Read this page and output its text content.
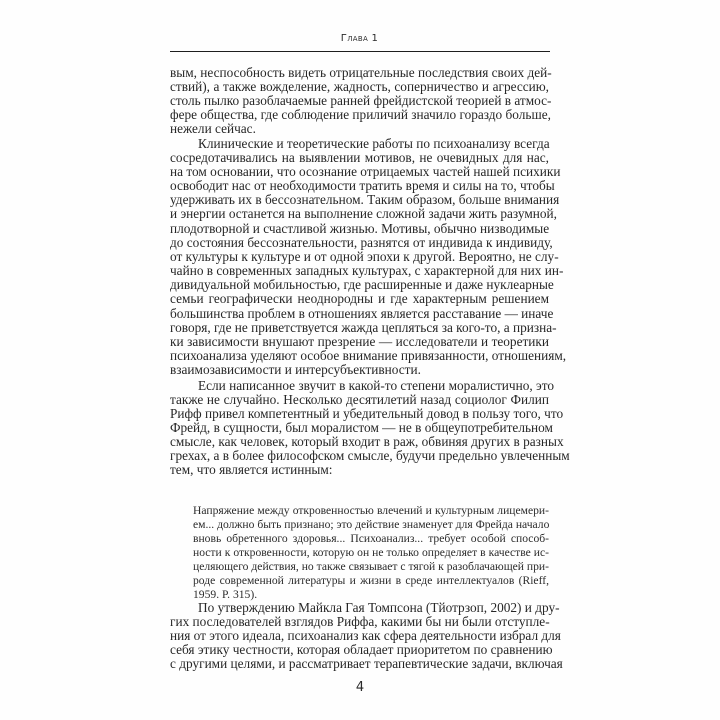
Глава 1
вым, неспособность видеть отрицательные последствия своих дей-
ствий), а также вожделение, жадность, соперничество и агрессию,
столь пылко разоблачаемые ранней фрейдистской теорией в атмос-
фере общества, где соблюдение приличий значило гораздо больше,
нежели сейчас.
Клинические и теоретические работы по психоанализу всегда
сосредотачивались на выявлении мотивов, не очевидных для нас,
на том основании, что осознание отрицаемых частей нашей психики
освободит нас от необходимости тратить время и силы на то, чтобы
удерживать их в бессознательном. Таким образом, больше внимания
и энергии останется на выполнение сложной задачи жить разумной,
плодотворной и счастливой жизнью. Мотивы, обычно низводимые
до состояния бессознательности, разнятся от индивида к индивиду,
от культуры к культуре и от одной эпохи к другой. Вероятно, не слу-
чайно в современных западных культурах, с характерной для них ин-
дивидуальной мобильностью, где расширенные и даже нуклеарные
семьи географически неоднородны и где характерным решением
большинства проблем в отношениях является расставание — иначе
говоря, где не приветствуется жажда цепляться за кого-то, а призна-
ки зависимости внушают презрение — исследователи и теоретики
психоанализа уделяют особое внимание привязанности, отношениям,
взаимозависимости и интерсубъективности.
Если написанное звучит в какой-то степени моралистично, это
также не случайно. Несколько десятилетий назад социолог Филип
Рифф привел компетентный и убедительный довод в пользу того, что
Фрейд, в сущности, был моралистом — не в общеупотребительном
смысле, как человек, который входит в раж, обвиняя других в разных
грехах, а в более философском смысле, будучи предельно увлеченным
тем, что является истинным:
Напряжение между откровенностью влечений и культурным лицемери-
ем... должно быть признано; это действие знаменует для Фрейда начало
вновь обретенного здоровья... Психоанализ... требует особой способ-
ности к откровенности, которую он не только определяет в качестве ис-
целяющего действия, но также связывает с тягой к разоблачающей при-
роде современной литературы и жизни в среде интеллектуалов (Rieff,
1959. P. 315).
По утверждению Майкла Гая Томпсона (Тйотрзоп, 2002) и дру-
гих последователей взглядов Риффа, какими бы ни были отступле-
ния от этого идеала, психоанализ как сфера деятельности избрал для
себя этику честности, которая обладает приоритетом по сравнению
с другими целями, и рассматривает терапевтические задачи, включая
4
